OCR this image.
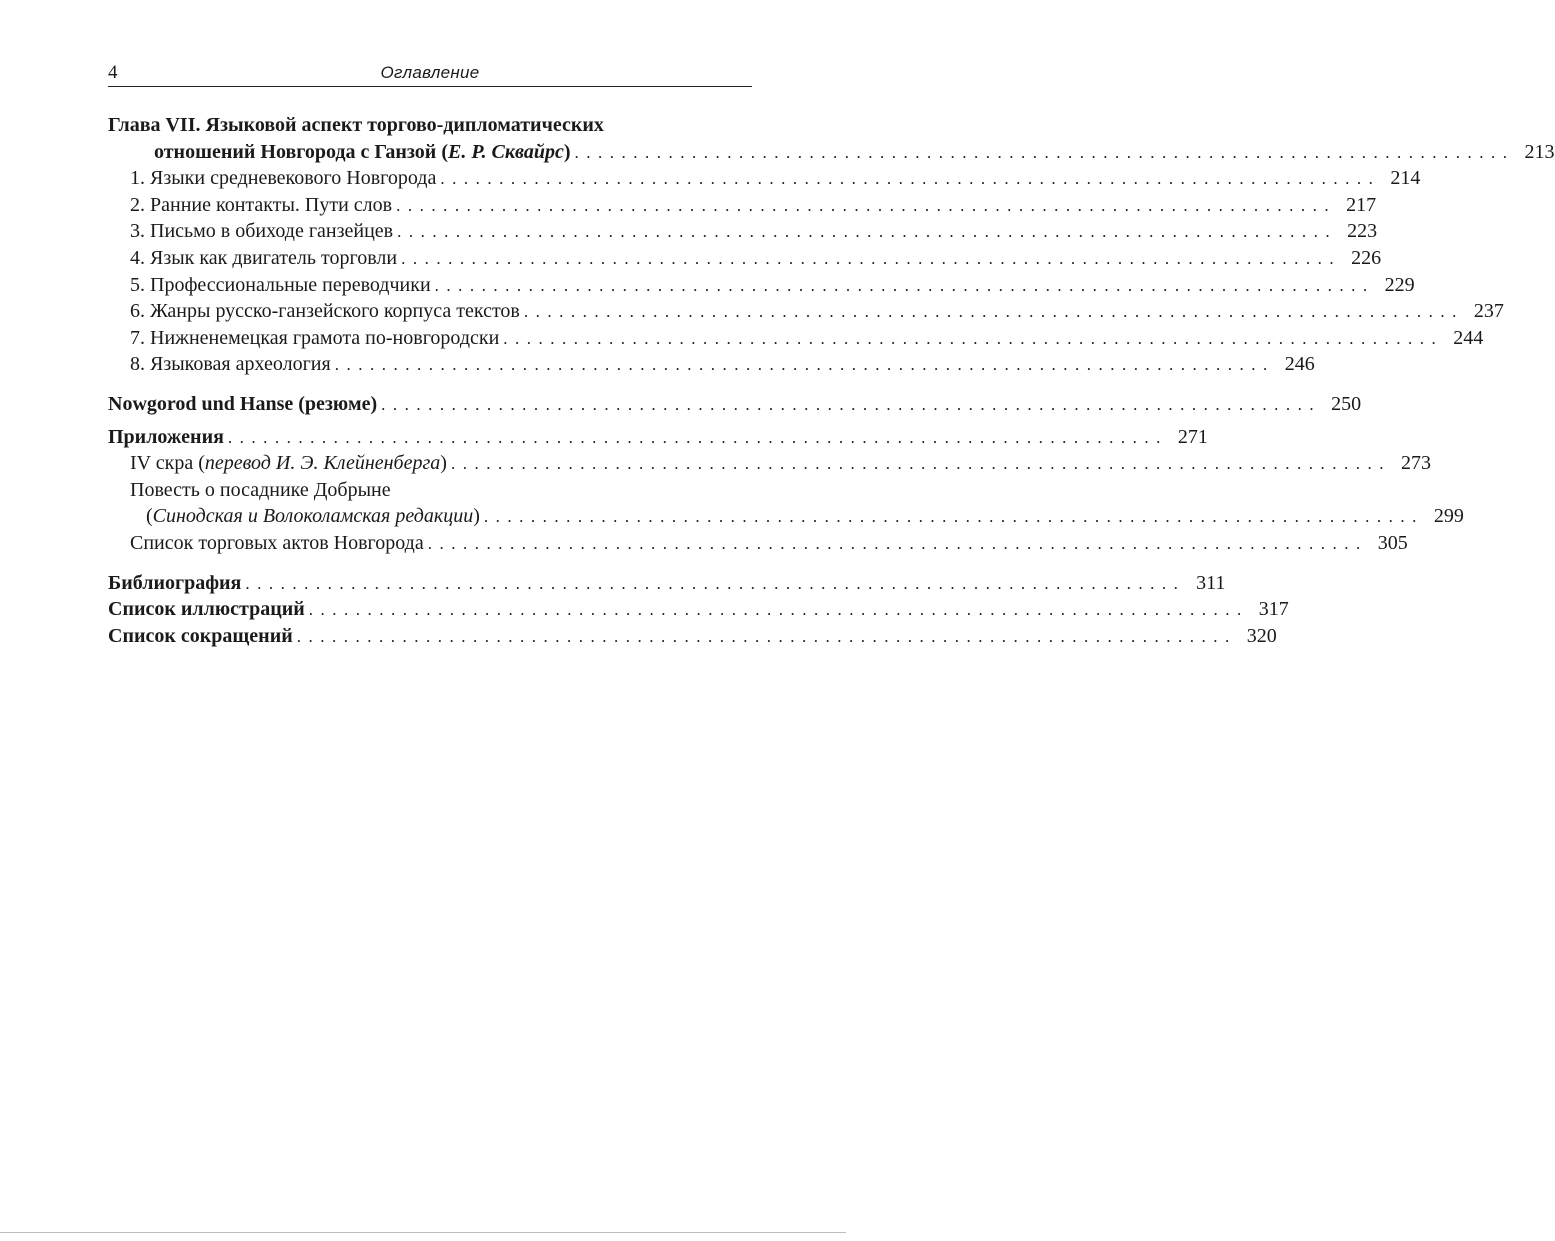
4	Оглавление
Глава VII. Языковой аспект торгово-дипломатических
отношений Новгорода с Ганзой (Е. Р. Сквайрс) ................................................................................ 213
1. Языки средневекового Новгорода ................................................................................ 214
2. Ранние контакты. Пути слов ................................................................................ 217
3. Письмо в обиходе ганзейцев ................................................................................ 223
4. Язык как двигатель торговли ................................................................................ 226
5. Профессиональные переводчики ................................................................................ 229
6. Жанры русско-ганзейского корпуса текстов ................................................................................ 237
7. Нижненемецкая грамота по-новгородски ................................................................................ 244
8. Языковая археология ................................................................................ 246
Nowgorod und Hanse (резюме) ................................................................................ 250
Приложения ................................................................................ 271
IV скра (перевод И. Э. Клейненберга) ................................................................................ 273
Повесть о посаднике Добрыне
(Синодская и Волоколамская редакции) ................................................................................ 299
Список торговых актов Новгорода ................................................................................ 305
Библиография ................................................................................ 311
Список иллюстраций ................................................................................ 317
Список сокращений ................................................................................ 320
